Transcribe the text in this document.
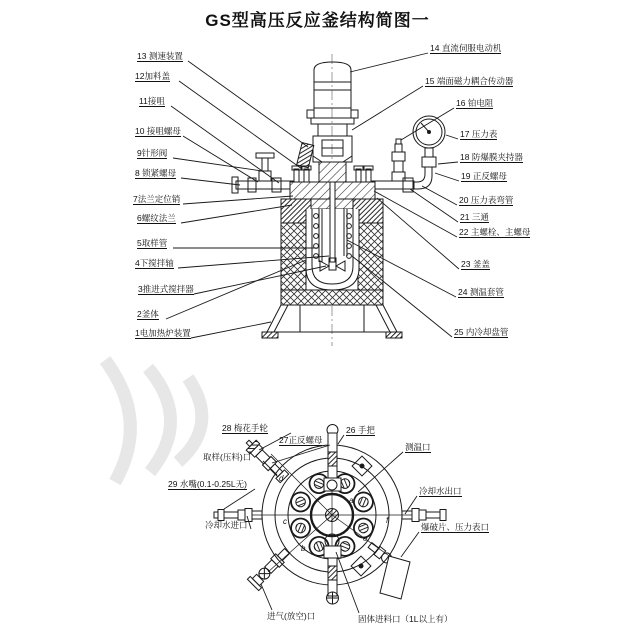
GS型高压反应釜结构简图一
13 测速装置
12加料盖
11接咀
10 接咀螺母
9针形阀
8 锁紧螺母
7法兰定位销
6螺纹法兰
5取样管
4下搅拌轴
3推进式搅拌器
2釜体
1电加热炉装置
14 直流伺服电动机
15 端面磁力耦合传动器
16 铂电阻
17 压力表
18 防爆膜夹持器
19 正反螺母
20 压力表弯管
21 三通
22 主螺栓、主螺母
23 釜盖
24 测温套管
25 内冷却盘管
28 梅花手轮
27正反螺母
26 手把
取样(压料)口
29 水嘴(0.1-0.25L无)
冷却水进口
测温口
冷却水出口
爆破片、压力表口
进气(放空)口	固体进料口（1L以上有）
a
d
c
b
e
f
